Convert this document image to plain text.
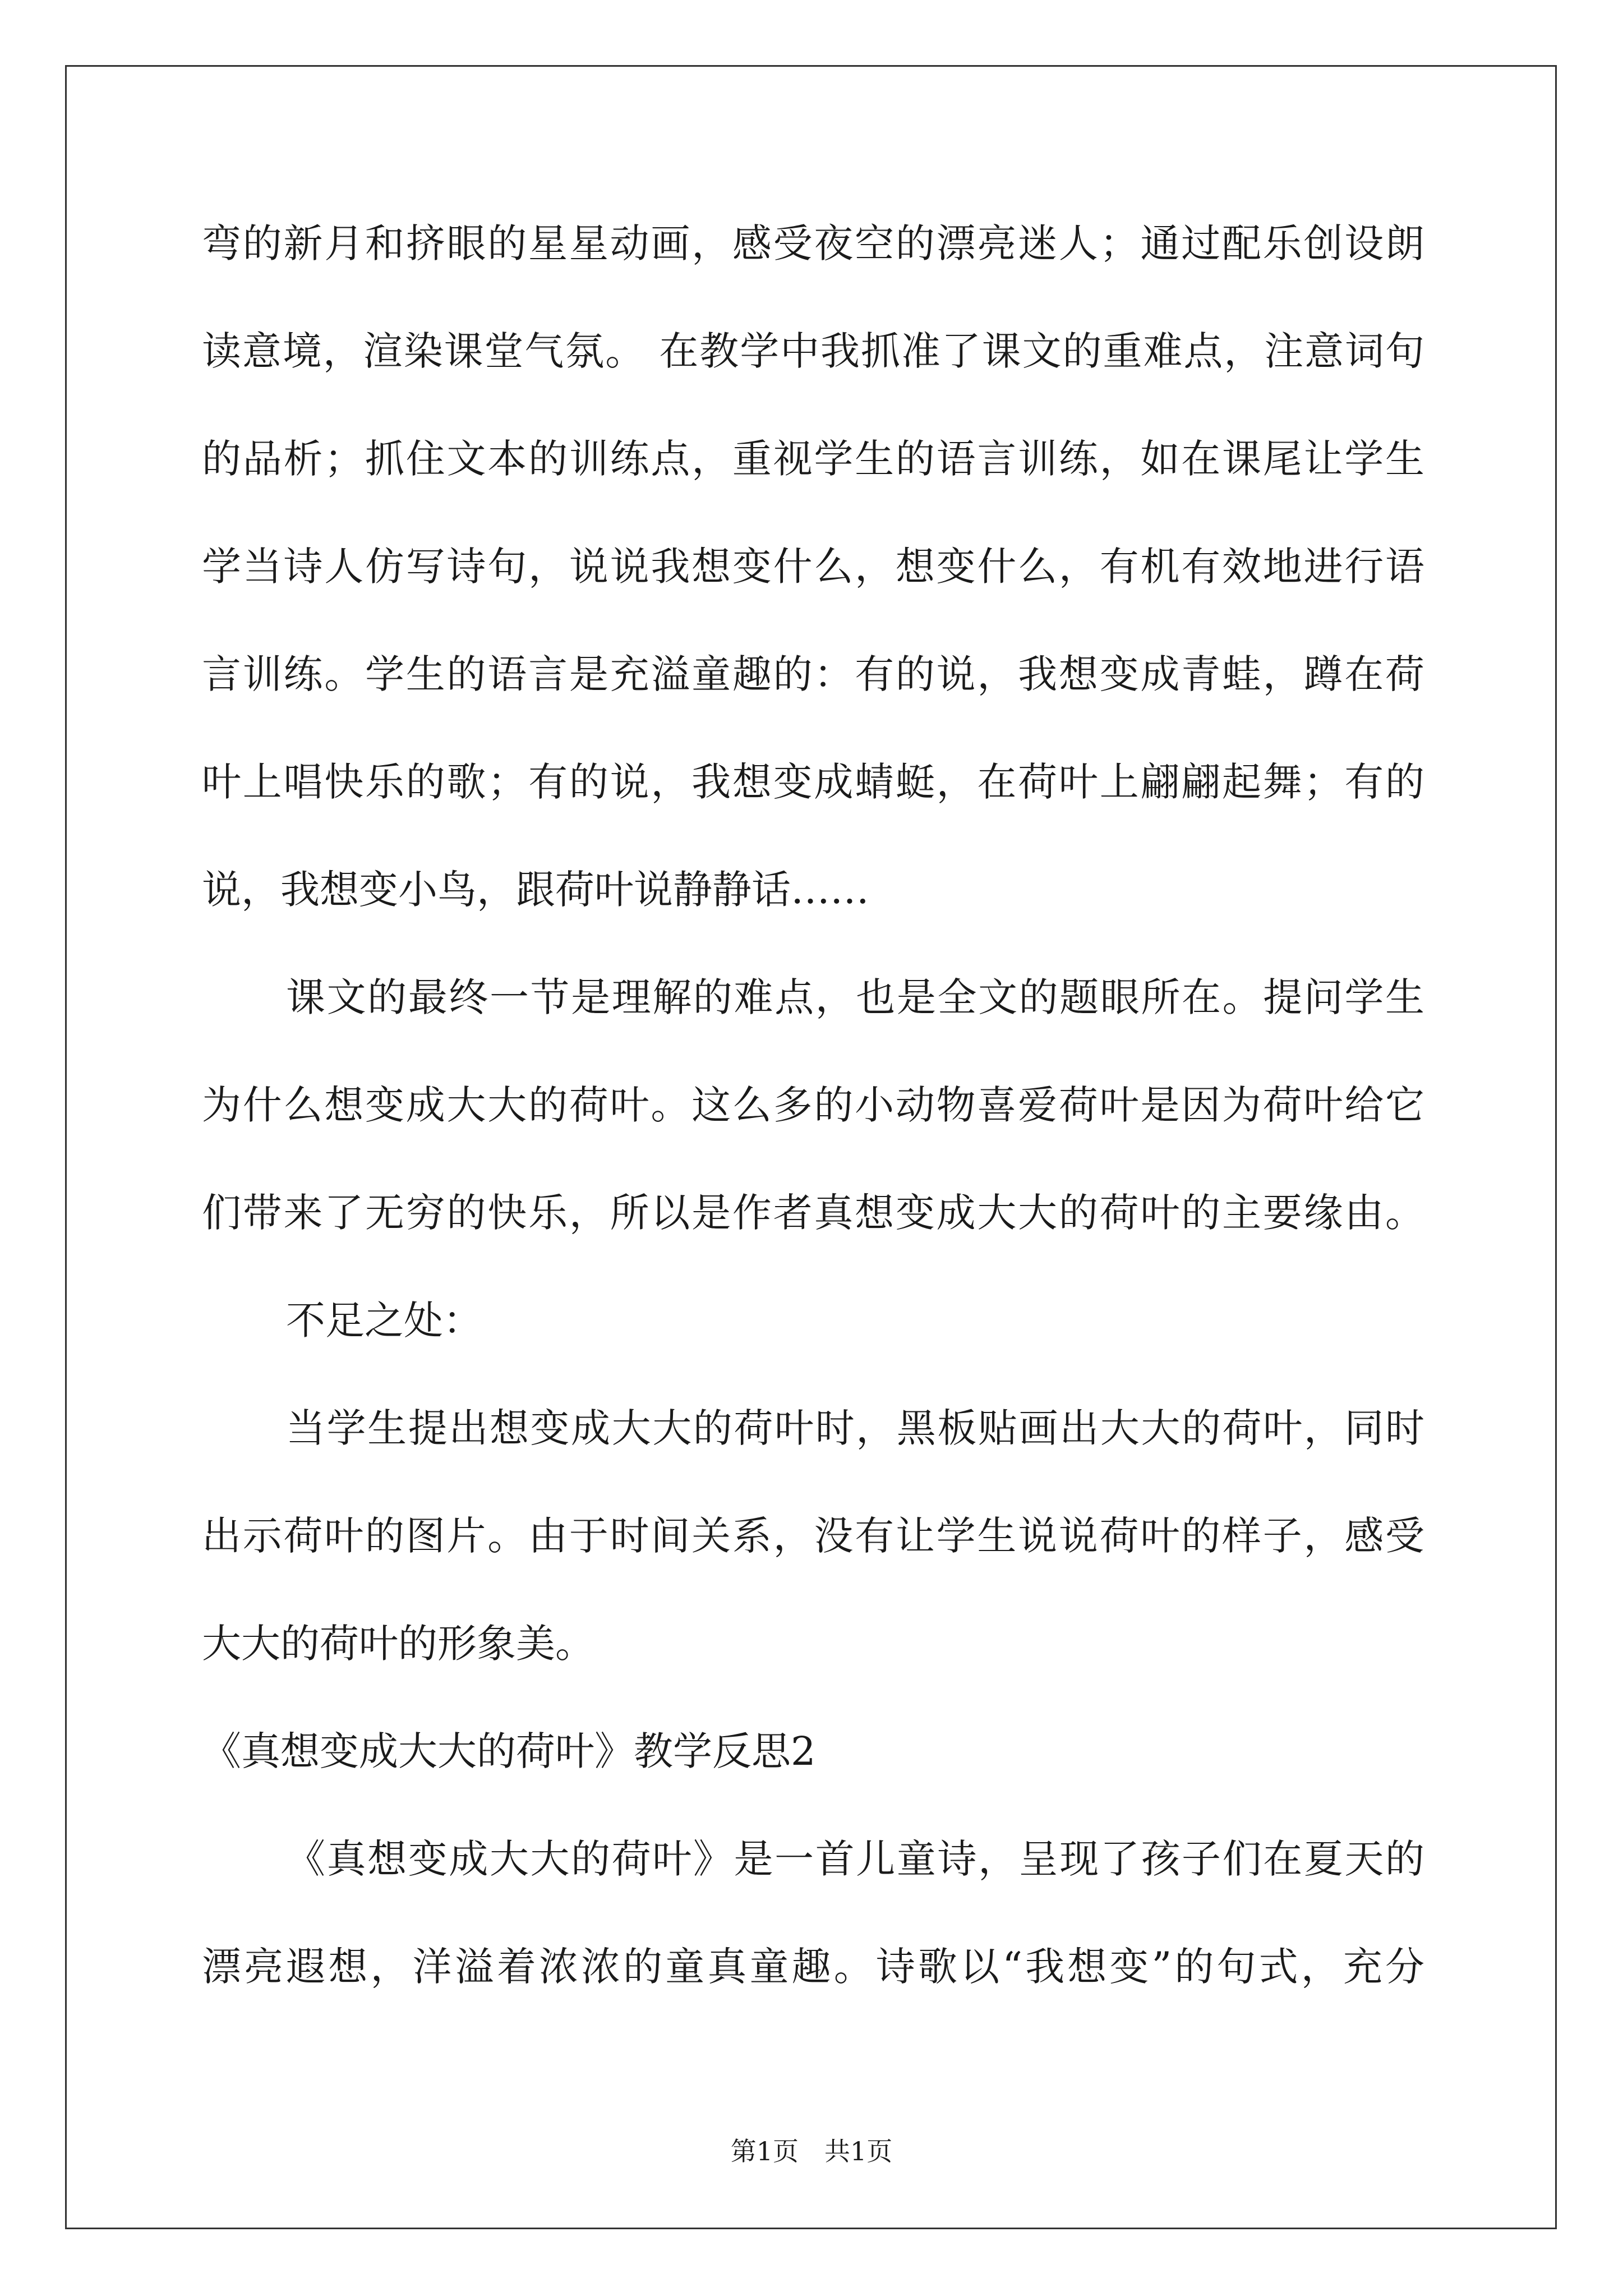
弯的新月和挤眼的星星动画，感受夜空的漂亮迷人；通过配乐创设朗

读意境，渲染课堂气氛。 在教学中我抓准了课文的重难点，注意词句

的品析；抓住文本的训练点，重视学生的语言训练，如在课尾让学生

学当诗人仿写诗句，说说我想变什么，想变什么，有机有效地进行语

言训练。学生的语言是充溢童趣的：有的说，我想变成青蛙，蹲在荷

叶上唱快乐的歌；有的说，我想变成蜻蜓，在荷叶上翩翩起舞；有的

说，我想变小鸟，跟荷叶说静静话……

课文的最终一节是理解的难点，也是全文的题眼所在。提问学生

为什么想变成大大的荷叶。这么多的小动物喜爱荷叶是因为荷叶给它

们带来了无穷的快乐，所以是作者真想变成大大的荷叶的主要缘由。

不足之处：

当学生提出想变成大大的荷叶时，黑板贴画出大大的荷叶，同时

出示荷叶的图片。由于时间关系，没有让学生说说荷叶的样子，感受

大大的荷叶的形象美。

《真想变成大大的荷叶》教学反思2

《真想变成大大的荷叶》是一首儿童诗，呈现了孩子们在夏天的

漂亮遐想，洋溢着浓浓的童真童趣。诗歌以“我想变”的句式，充分

第1页　共1页
